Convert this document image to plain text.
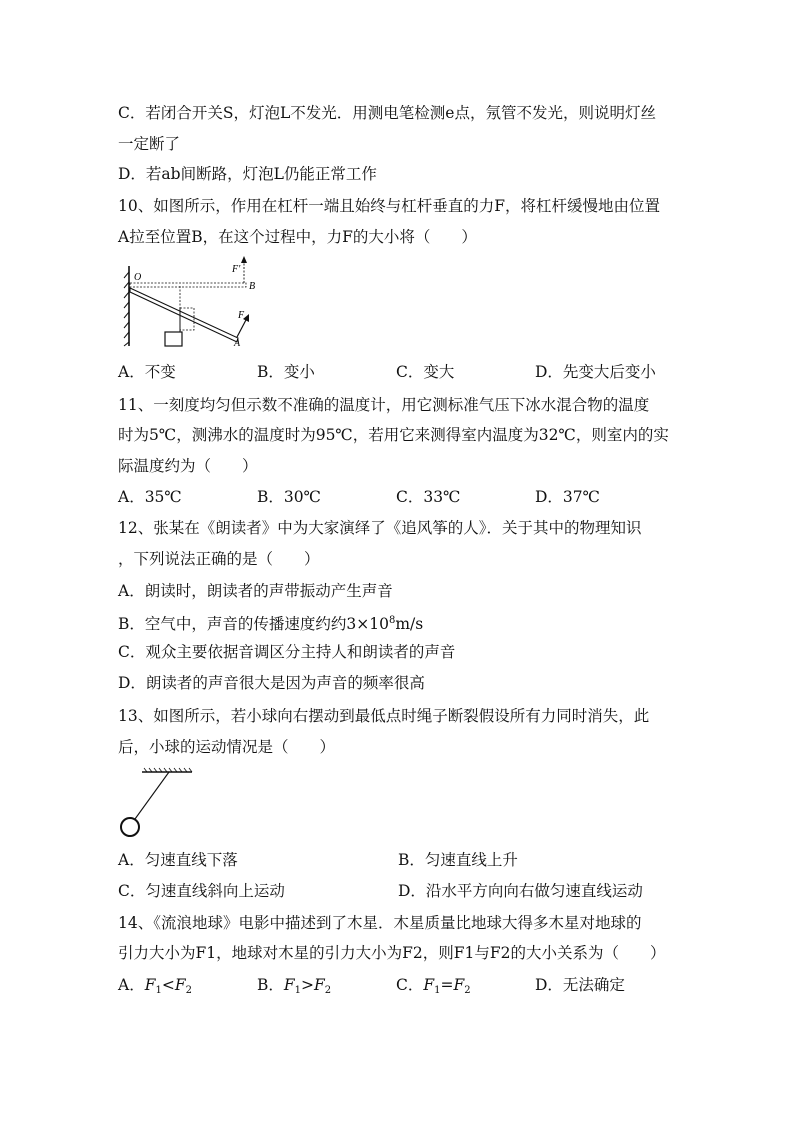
C．若闭合开关S，灯泡L不发光．用测电笔检测e点，氖管不发光，则说明灯丝
一定断了
D．若ab间断路，灯泡L仍能正常工作
10、如图所示，作用在杠杆一端且始终与杠杆垂直的力F，将杠杆缓慢地由位置
A拉至位置B，在这个过程中，力F的大小将（　　）
O
F'
B
F
A
A．不变	B．变小	C．变大	D．先变大后变小
11、一刻度均匀但示数不准确的温度计，用它测标准气压下冰水混合物的温度
时为5℃，测沸水的温度时为95℃，若用它来测得室内温度为32℃，则室内的实
际温度约为（　　）
A．35℃	B．30℃	C．33℃	D．37℃
12、张某在《朗读者》中为大家演绎了《追风筝的人》．关于其中的物理知识
，下列说法正确的是（　　）
A．朗读时，朗读者的声带振动产生声音
B．空气中，声音的传播速度约约$3\times 10^8m/s$
C．观众主要依据音调区分主持人和朗读者的声音
D．朗读者的声音很大是因为声音的频率很高
13、如图所示，若小球向右摆动到最低点时绳子断裂假设所有力同时消失，此
后，小球的运动情况是（　　）
A．匀速直线下落	B．匀速直线上升
C．匀速直线斜向上运动	D．沿水平方向向右做匀速直线运动
14、《流浪地球》电影中描述到了木星．木星质量比地球大得多木星对地球的
引力大小为F1，地球对木星的引力大小为F2，则F1与F2的大小关系为（　　）
A．$F_1<F_2$	B．$F_1>F_2$	C．$F_1=F_2$	D．无法确定
